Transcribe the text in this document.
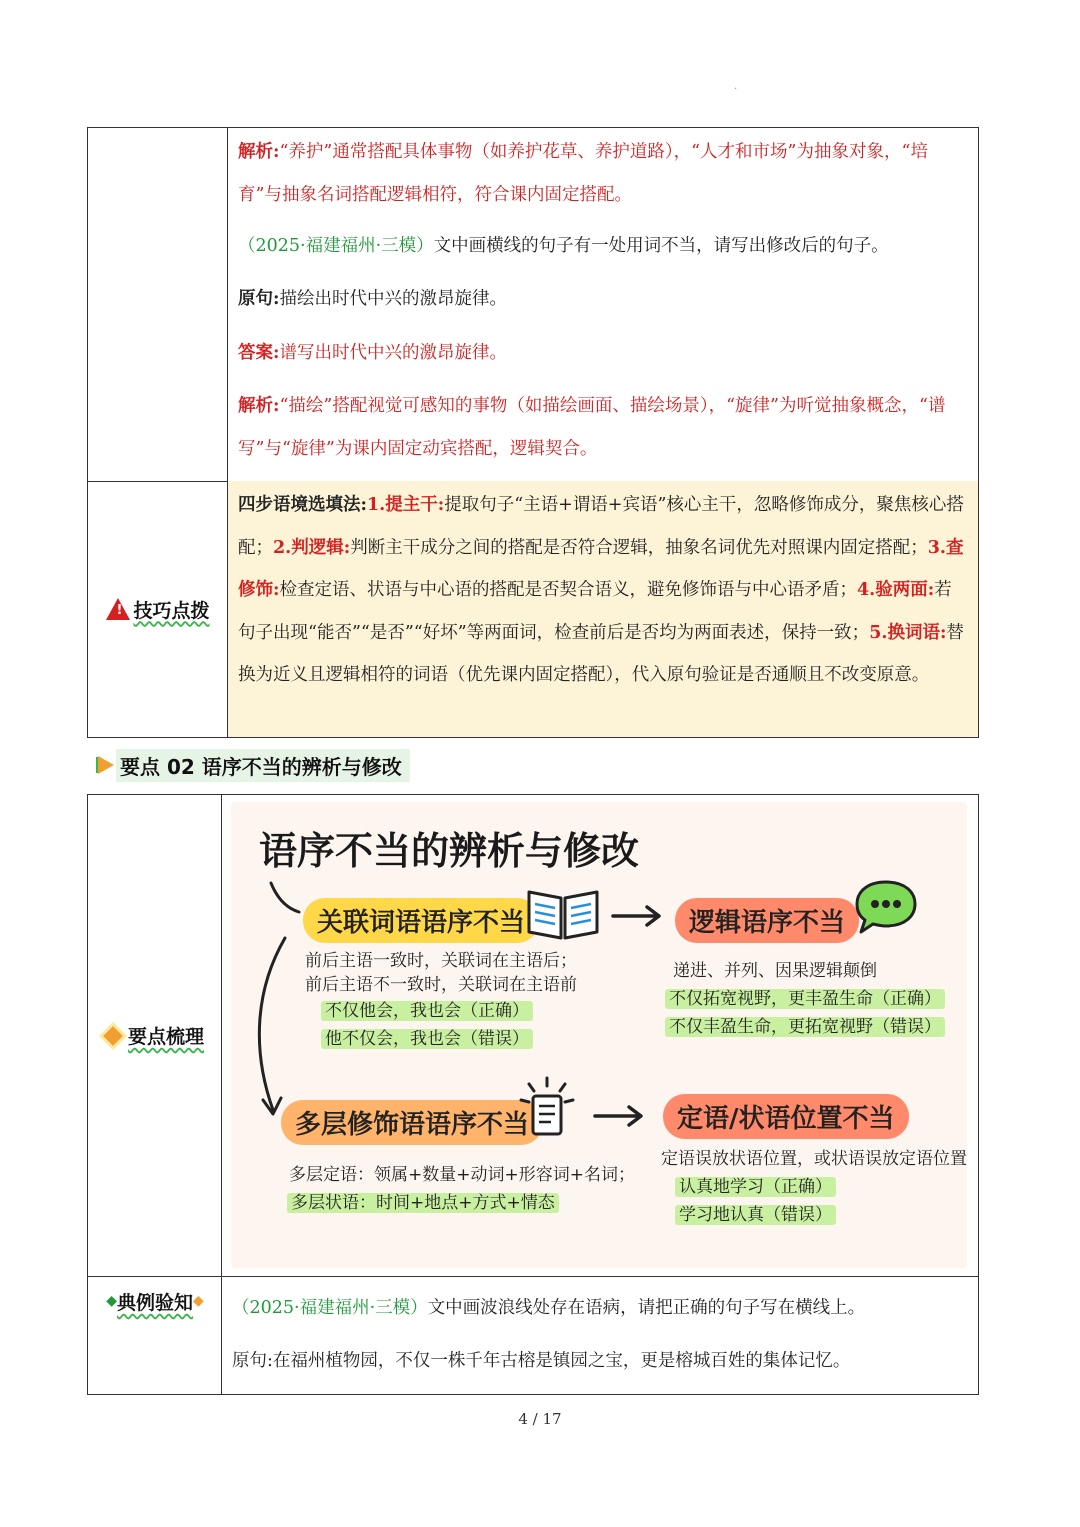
·
解析:“养护”通常搭配具体事物（如养护花草、养护道路），“人才和市场”为抽象对象，“培育”与抽象名词搭配逻辑相符，符合课内固定搭配。
（2025·福建福州·三模）文中画横线的句子有一处用词不当，请写出修改后的句子。
原句:描绘出时代中兴的激昂旋律。
答案:谱写出时代中兴的激昂旋律。
解析:“描绘”搭配视觉可感知的事物（如描绘画面、描绘场景），“旋律”为听觉抽象概念，“谱写”与“旋律”为课内固定动宾搭配，逻辑契合。
! 技巧点拨
四步语境选填法:1.提主干:提取句子“主语+谓语+宾语”核心主干，忽略修饰成分，聚焦核心搭配；2.判逻辑:判断主干成分之间的搭配是否符合逻辑，抽象名词优先对照课内固定搭配；3.查修饰:检查定语、状语与中心语的搭配是否契合语义，避免修饰语与中心语矛盾；4.验两面:若句子出现“能否”“是否”“好坏”等两面词，检查前后是否均为两面表述，保持一致；5.换词语:替换为近义且逻辑相符的词语（优先课内固定搭配），代入原句验证是否通顺且不改变原意。
要点 02 语序不当的辨析与修改
要点梳理
◆ 典例验知 ◆ （2025·福建福州·三模）文中画波浪线处存在语病，请把正确的句子写在横线上。
原句:在福州植物园，不仅一株千年古榕是镇园之宝，更是榕城百姓的集体记忆。
语序不当的辨析与修改
关联词语语序不当
前后主语一致时，关联词在主语后；
前后主语不一致时，关联词在主语前
不仅他会，我也会（正确）
他不仅会，我也会（错误）
逻辑语序不当
递进、并列、因果逻辑颠倒
不仅拓宽视野，更丰盈生命（正确）
不仅丰盈生命，更拓宽视野（错误）
多层修饰语语序不当
多层定语：领属+数量+动词+形容词+名词；
多层状语：时间+地点+方式+情态
定语/状语位置不当
定语误放状语位置，或状语误放定语位置
认真地学习（正确）
学习地认真（错误）
4 / 17
